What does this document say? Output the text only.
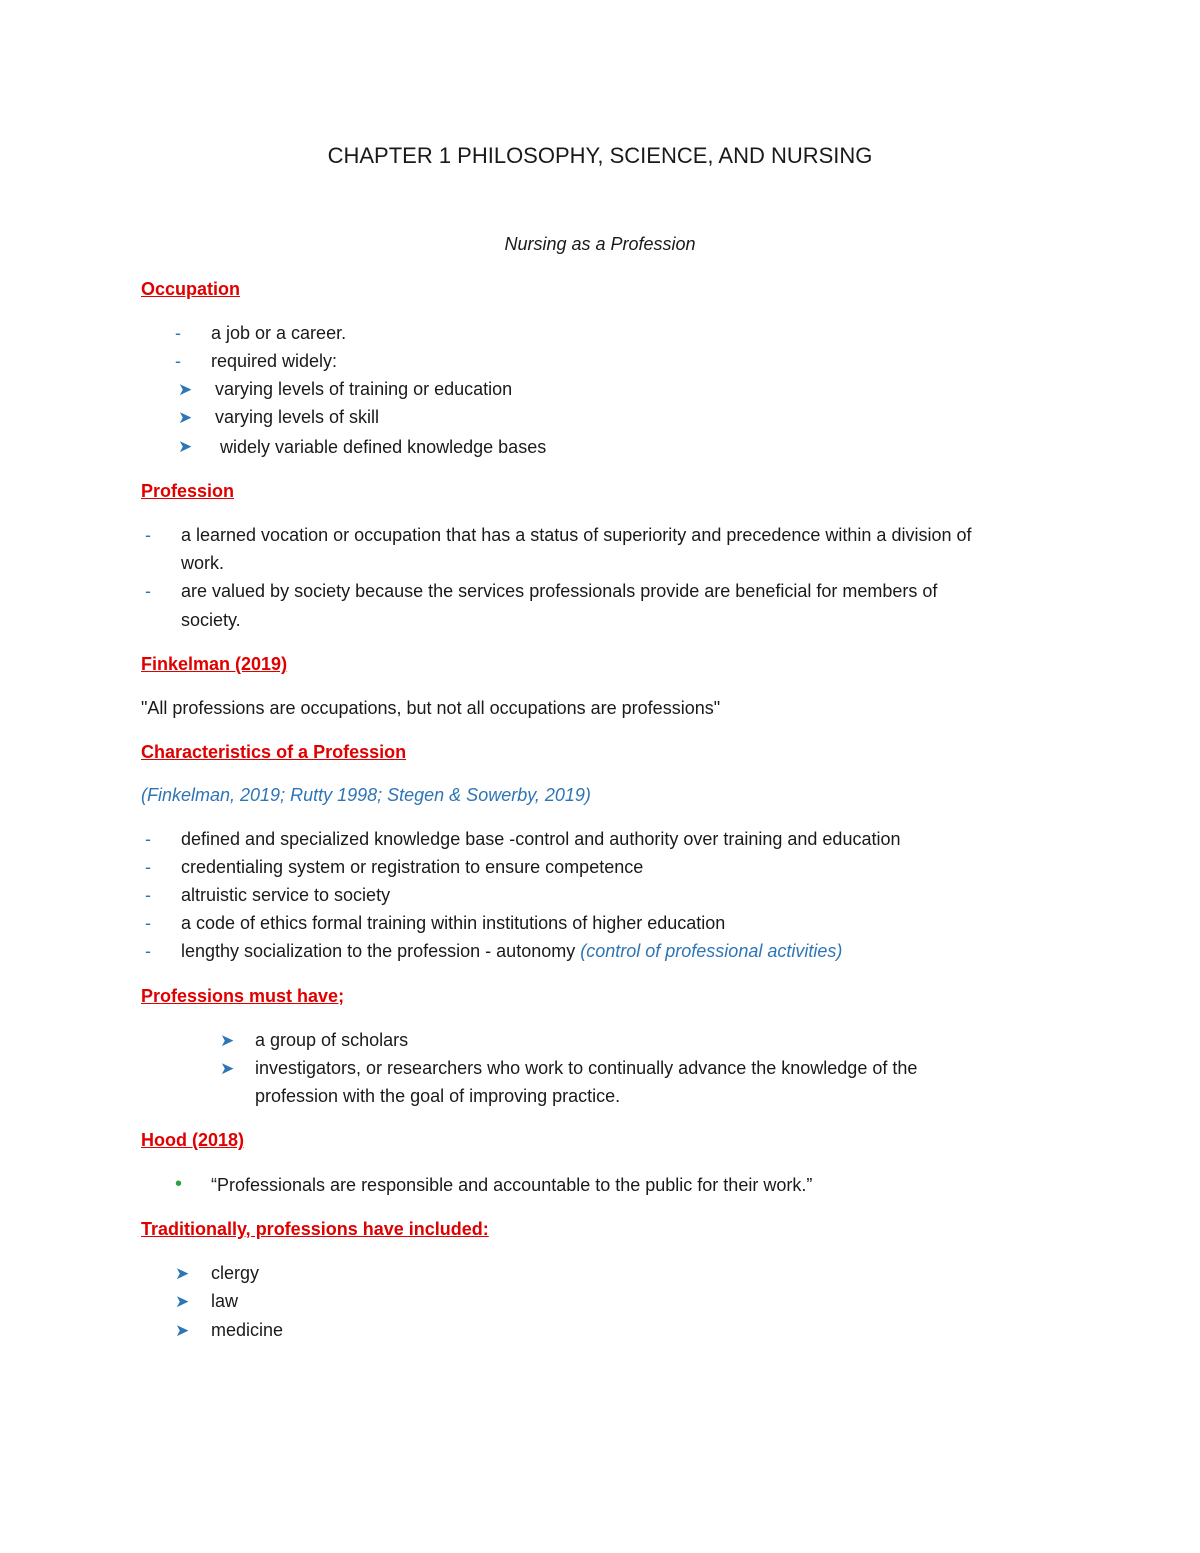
CHAPTER 1 PHILOSOPHY, SCIENCE, AND NURSING
Nursing as a Profession
Occupation
- a job or a career.
- required widely:
➤ varying levels of training or education
➤ varying levels of skill
➤ widely variable defined knowledge bases
Profession
- a learned vocation or occupation that has a status of superiority and precedence within a division of
work.
- are valued by society because the services professionals provide are beneficial for members of
society.
Finkelman (2019)
"All professions are occupations, but not all occupations are professions"
Characteristics of a Profession
(Finkelman, 2019; Rutty 1998; Stegen & Sowerby, 2019)
- defined and specialized knowledge base -control and authority over training and education
- credentialing system or registration to ensure competence
- altruistic service to society
- a code of ethics formal training within institutions of higher education
- lengthy socialization to the profession - autonomy (control of professional activities)
Professions must have;
➤ a group of scholars
➤ investigators, or researchers who work to continually advance the knowledge of the
profession with the goal of improving practice.
Hood (2018)
• “Professionals are responsible and accountable to the public for their work.”
Traditionally, professions have included:
➤ clergy
➤ law
➤ medicine
